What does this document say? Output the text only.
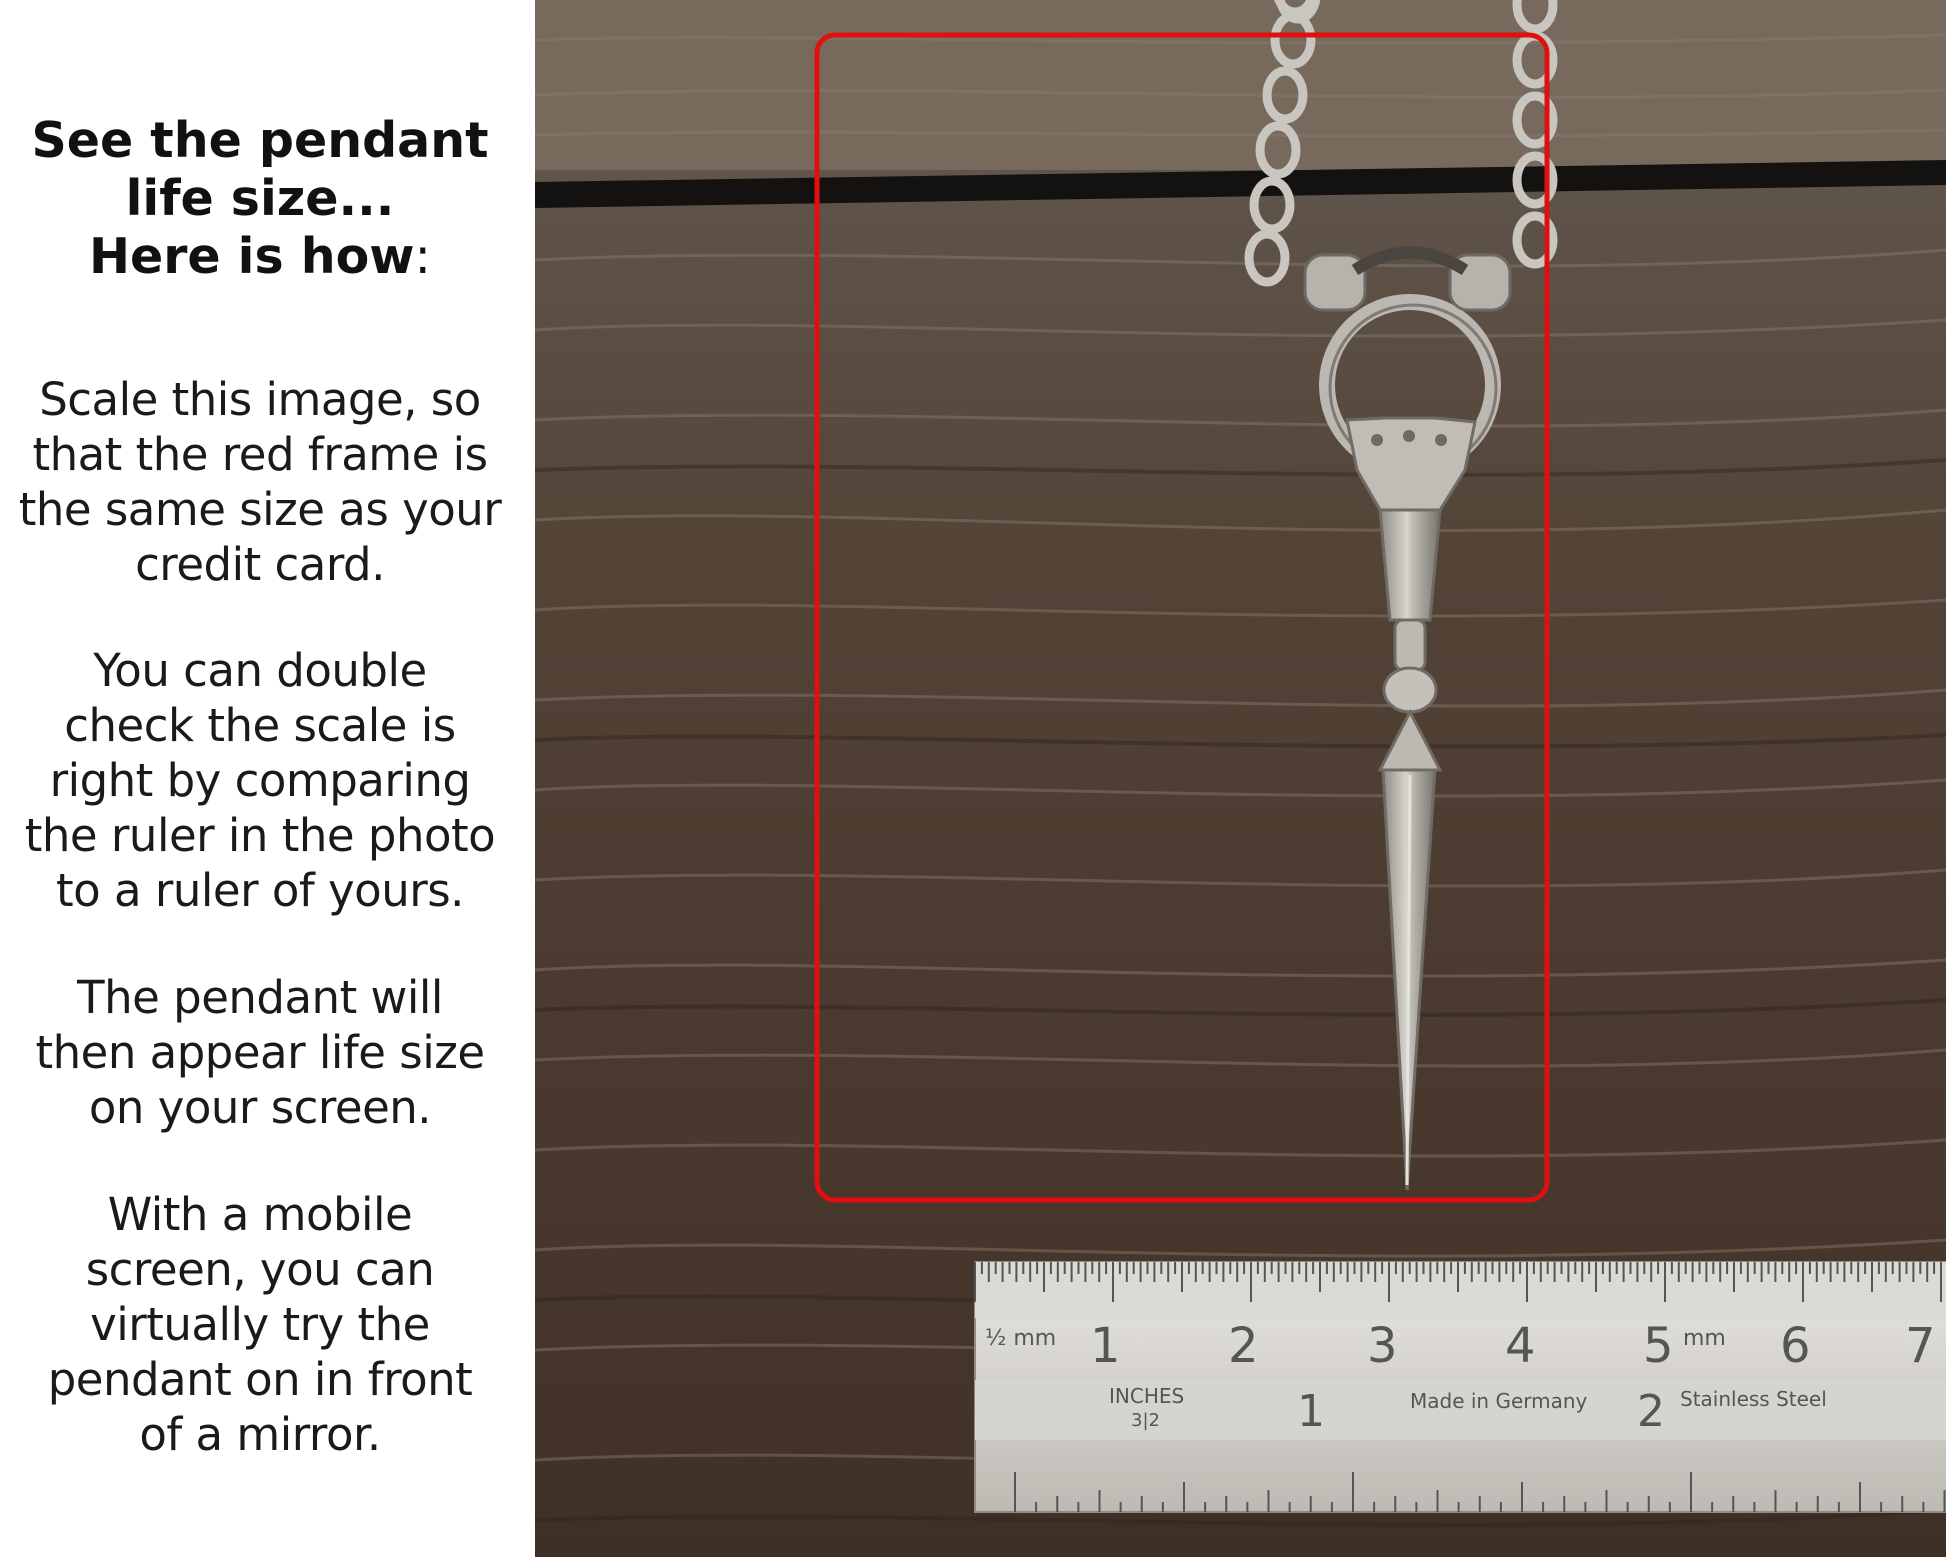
See the pendant
life size...
Here is how:
Scale this image, so
that the red frame is
the same size as your
credit card.
You can double
check the scale is
right by comparing
the ruler in the photo
to a ruler of yours.
The pendant will
then appear life size
on your screen.
With a mobile
screen, you can
virtually try the
pendant on in front
of a mirror.
½ mm 1 2 3 4 5 6 7
mm
INCHES
3|2	1	Made in Germany 2 Stainless Steel
